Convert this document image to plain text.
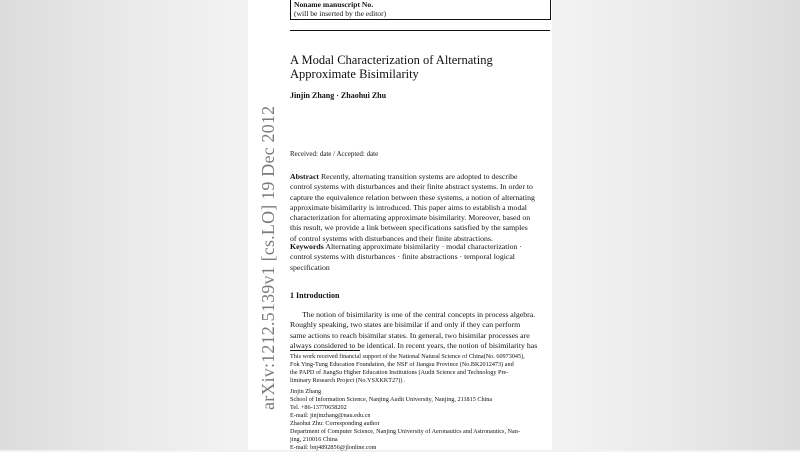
arXiv:1212.5139v1 [cs.LO] 19 Dec 2012
Noname manuscript No.
(will be inserted by the editor)
A Modal Characterization of Alternating
Approximate Bisimilarity
Jinjin Zhang · Zhaohui Zhu
Received: date / Accepted: date
Abstract Recently, alternating transition systems are adopted to describe
control systems with disturbances and their finite abstract systems. In order to
capture the equivalence relation between these systems, a notion of alternating
approximate bisimilarity is introduced. This paper aims to establish a modal
characterization for alternating approximate bisimilarity. Moreover, based on
this result, we provide a link between specifications satisfied by the samples
of control systems with disturbances and their finite abstractions.
Keywords Alternating approximate bisimilarity · modal characterization ·
control systems with disturbances · finite abstractions · temporal logical
specification
1 Introduction
The notion of bisimilarity is one of the central concepts in process algebra.
Roughly speaking, two states are bisimilar if and only if they can perform
same actions to reach bisimilar states. In general, two bisimilar processes are
always considered to be identical. In recent years, the notion of bisimilarity has
This work received financial support of the National Natural Science of China(No. 60973045),
Fok Ying-Tung Education Foundation, the NSF of Jiangsu Province (No.BK2012473) and
the PAPD of JiangSu Higher Education Institutions (Audit Science and Technology Pre-
liminary Research Project (No.YSXKKT27)) .
Jinjin Zhang
School of Information Science, Nanjing Audit University, Nanjing, 211815 China
Tel. +86-13770658202
E-mail: jinjinzhang@nau.edu.cn
Zhaohui Zhu: Corresponding author
Department of Computer Science, Nanjing University of Aeronautics and Astronautics, Nan-
jing, 210016 China
E-mail: bnj4892856@jlonline.com
